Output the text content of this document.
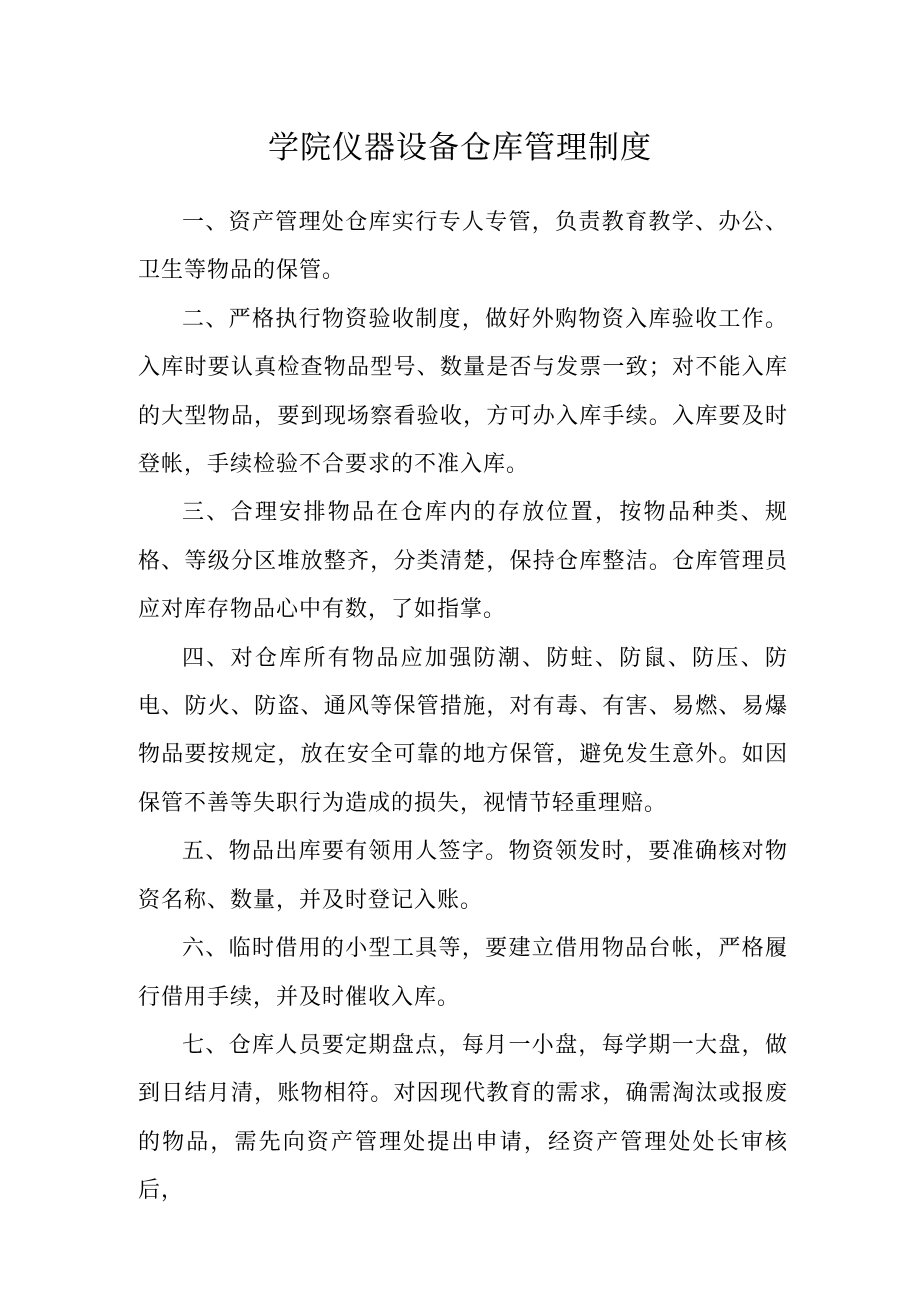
学院仪器设备仓库管理制度

一、资产管理处仓库实行专人专管，负责教育教学、办公、卫生等物品的保管。

二、严格执行物资验收制度，做好外购物资入库验收工作。入库时要认真检查物品型号、数量是否与发票一致；对不能入库的大型物品，要到现场察看验收，方可办入库手续。入库要及时登帐，手续检验不合要求的不准入库。

三、合理安排物品在仓库内的存放位置，按物品种类、规格、等级分区堆放整齐，分类清楚，保持仓库整洁。仓库管理员应对库存物品心中有数，了如指掌。

四、对仓库所有物品应加强防潮、防蛀、防鼠、防压、防电、防火、防盗、通风等保管措施，对有毒、有害、易燃、易爆物品要按规定，放在安全可靠的地方保管，避免发生意外。如因保管不善等失职行为造成的损失，视情节轻重理赔。

五、物品出库要有领用人签字。物资领发时，要准确核对物资名称、数量，并及时登记入账。

六、临时借用的小型工具等，要建立借用物品台帐，严格履行借用手续，并及时催收入库。

七、仓库人员要定期盘点，每月一小盘，每学期一大盘，做到日结月清，账物相符。对因现代教育的需求，确需淘汰或报废的物品，需先向资产管理处提出申请，经资产管理处处长审核后，
